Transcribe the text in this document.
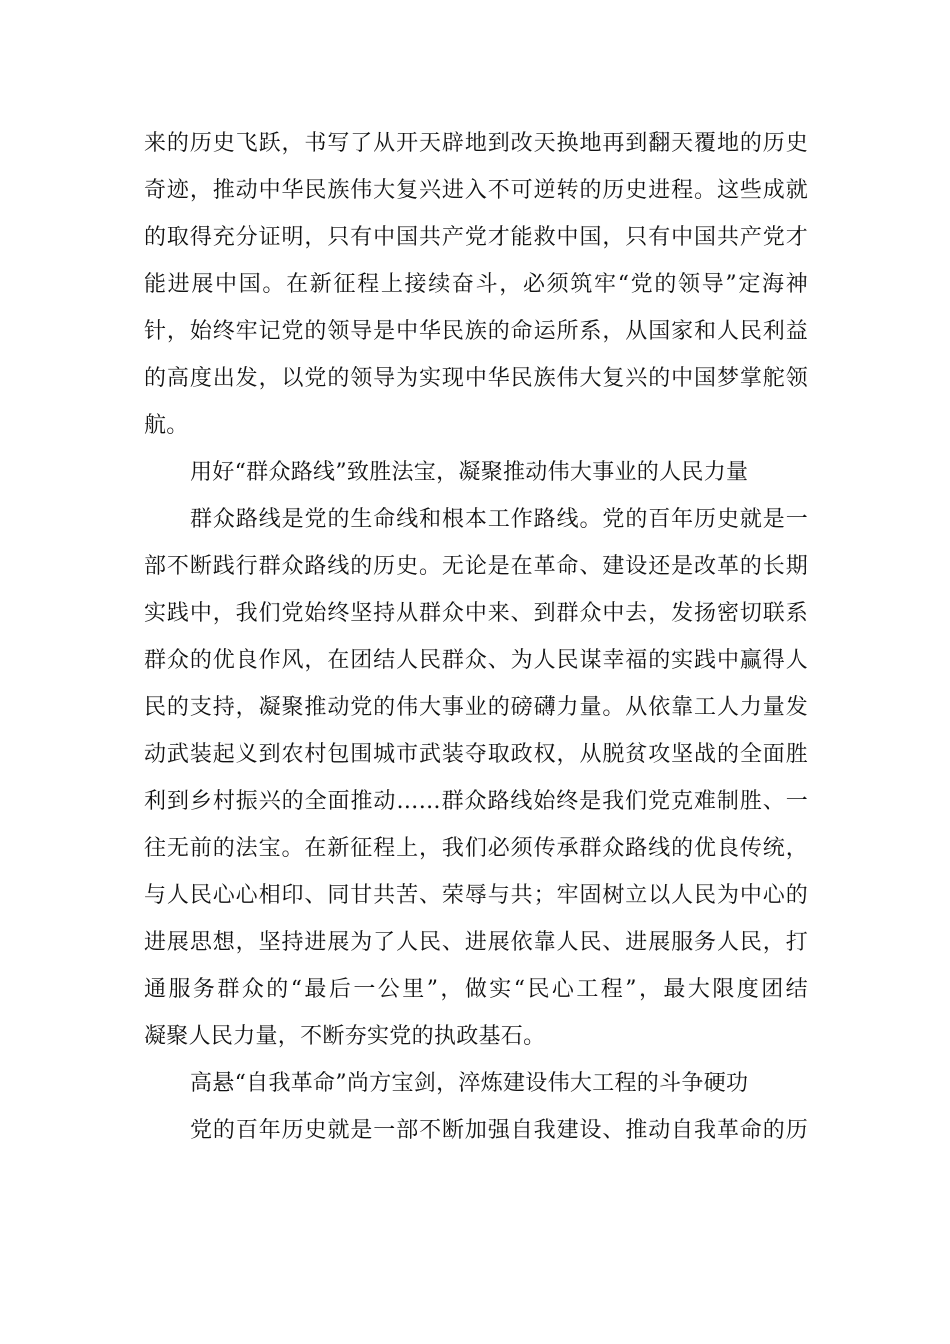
来的历史飞跃，书写了从开天辟地到改天换地再到翻天覆地的历史
奇迹，推动中华民族伟大复兴进入不可逆转的历史进程。这些成就
的取得充分证明，只有中国共产党才能救中国，只有中国共产党才
能进展中国。在新征程上接续奋斗，必须筑牢“党的领导”定海神
针，始终牢记党的领导是中华民族的命运所系，从国家和人民利益
的高度出发，以党的领导为实现中华民族伟大复兴的中国梦掌舵领
航。
用好“群众路线”致胜法宝，凝聚推动伟大事业的人民力量
群众路线是党的生命线和根本工作路线。党的百年历史就是一
部不断践行群众路线的历史。无论是在革命、建设还是改革的长期
实践中，我们党始终坚持从群众中来、到群众中去，发扬密切联系
群众的优良作风，在团结人民群众、为人民谋幸福的实践中赢得人
民的支持，凝聚推动党的伟大事业的磅礴力量。从依靠工人力量发
动武装起义到农村包围城市武装夺取政权，从脱贫攻坚战的全面胜
利到乡村振兴的全面推动……群众路线始终是我们党克难制胜、一
往无前的法宝。在新征程上，我们必须传承群众路线的优良传统，
与人民心心相印、同甘共苦、荣辱与共；牢固树立以人民为中心的
进展思想，坚持进展为了人民、进展依靠人民、进展服务人民，打
通服务群众的“最后一公里”，做实“民心工程”，最大限度团结
凝聚人民力量，不断夯实党的执政基石。
高悬“自我革命”尚方宝剑，淬炼建设伟大工程的斗争硬功
党的百年历史就是一部不断加强自我建设、推动自我革命的历
